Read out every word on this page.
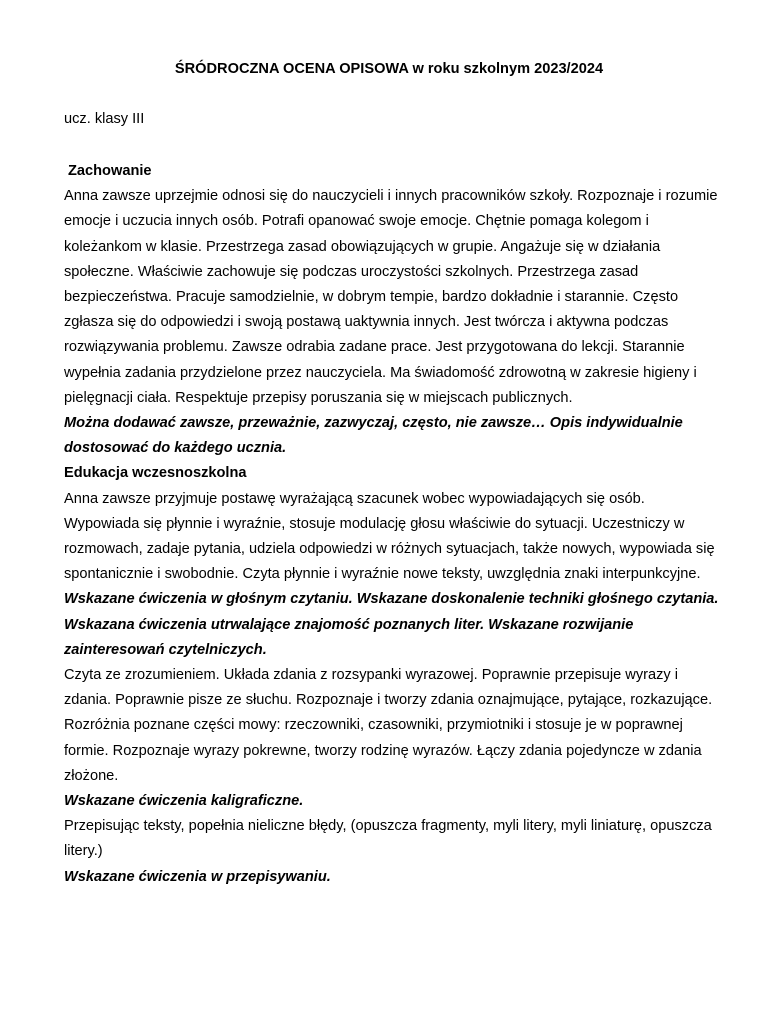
ŚRÓDROCZNA OCENA OPISOWA w roku szkolnym 2023/2024
ucz. klasy III

Zachowanie

Anna zawsze uprzejmie odnosi się do nauczycieli i innych pracowników szkoły. Rozpoznaje i rozumie emocje i uczucia innych osób. Potrafi opanować swoje emocje. Chętnie pomaga kolegom i koleżankom w klasie. Przestrzega zasad obowiązujących w grupie. Angażuje się w działania społeczne. Właściwie zachowuje się podczas uroczystości szkolnych. Przestrzega zasad bezpieczeństwa. Pracuje samodzielnie, w dobrym tempie, bardzo dokładnie i starannie. Często zgłasza się do odpowiedzi i swoją postawą uaktywnia innych. Jest twórcza i aktywna podczas rozwiązywania problemu. Zawsze odrabia zadane prace. Jest przygotowana do lekcji. Starannie wypełnia zadania przydzielone przez nauczyciela. Ma świadomość zdrowotną w zakresie higieny i pielęgnacji ciała. Respektuje przepisy poruszania się w miejscach publicznych.

Można dodawać zawsze, przeważnie, zazwyczaj, często, nie zawsze… Opis indywidualnie dostosować do każdego ucznia.

Edukacja wczesnoszkolna

Anna zawsze przyjmuje postawę wyrażającą szacunek wobec wypowiadających się osób. Wypowiada się płynnie i wyraźnie, stosuje modulację głosu właściwie do sytuacji. Uczestniczy w rozmowach, zadaje pytania, udziela odpowiedzi w różnych sytuacjach, także nowych, wypowiada się spontanicznie i swobodnie. Czyta płynnie i wyraźnie nowe teksty, uwzględnia znaki interpunkcyjne.

Wskazane ćwiczenia w głośnym czytaniu. Wskazane doskonalenie techniki głośnego czytania. Wskazana ćwiczenia utrwalające znajomość poznanych liter. Wskazane rozwijanie zainteresowań czytelniczych.

Czyta ze zrozumieniem. Układa zdania z rozsypanki wyrazowej. Poprawnie przepisuje wyrazy i zdania. Poprawnie pisze ze słuchu. Rozpoznaje i tworzy zdania oznajmujące, pytające, rozkazujące. Rozróżnia poznane części mowy: rzeczowniki, czasowniki, przymiotniki i stosuje je w poprawnej formie. Rozpoznaje wyrazy pokrewne, tworzy rodzinę wyrazów. Łączy zdania pojedyncze w zdania złożone.

Wskazane ćwiczenia kaligraficzne.

Przepisując teksty, popełnia nieliczne błędy, (opuszcza fragmenty, myli litery, myli liniaturę, opuszcza litery.)

Wskazane ćwiczenia w przepisywaniu.
